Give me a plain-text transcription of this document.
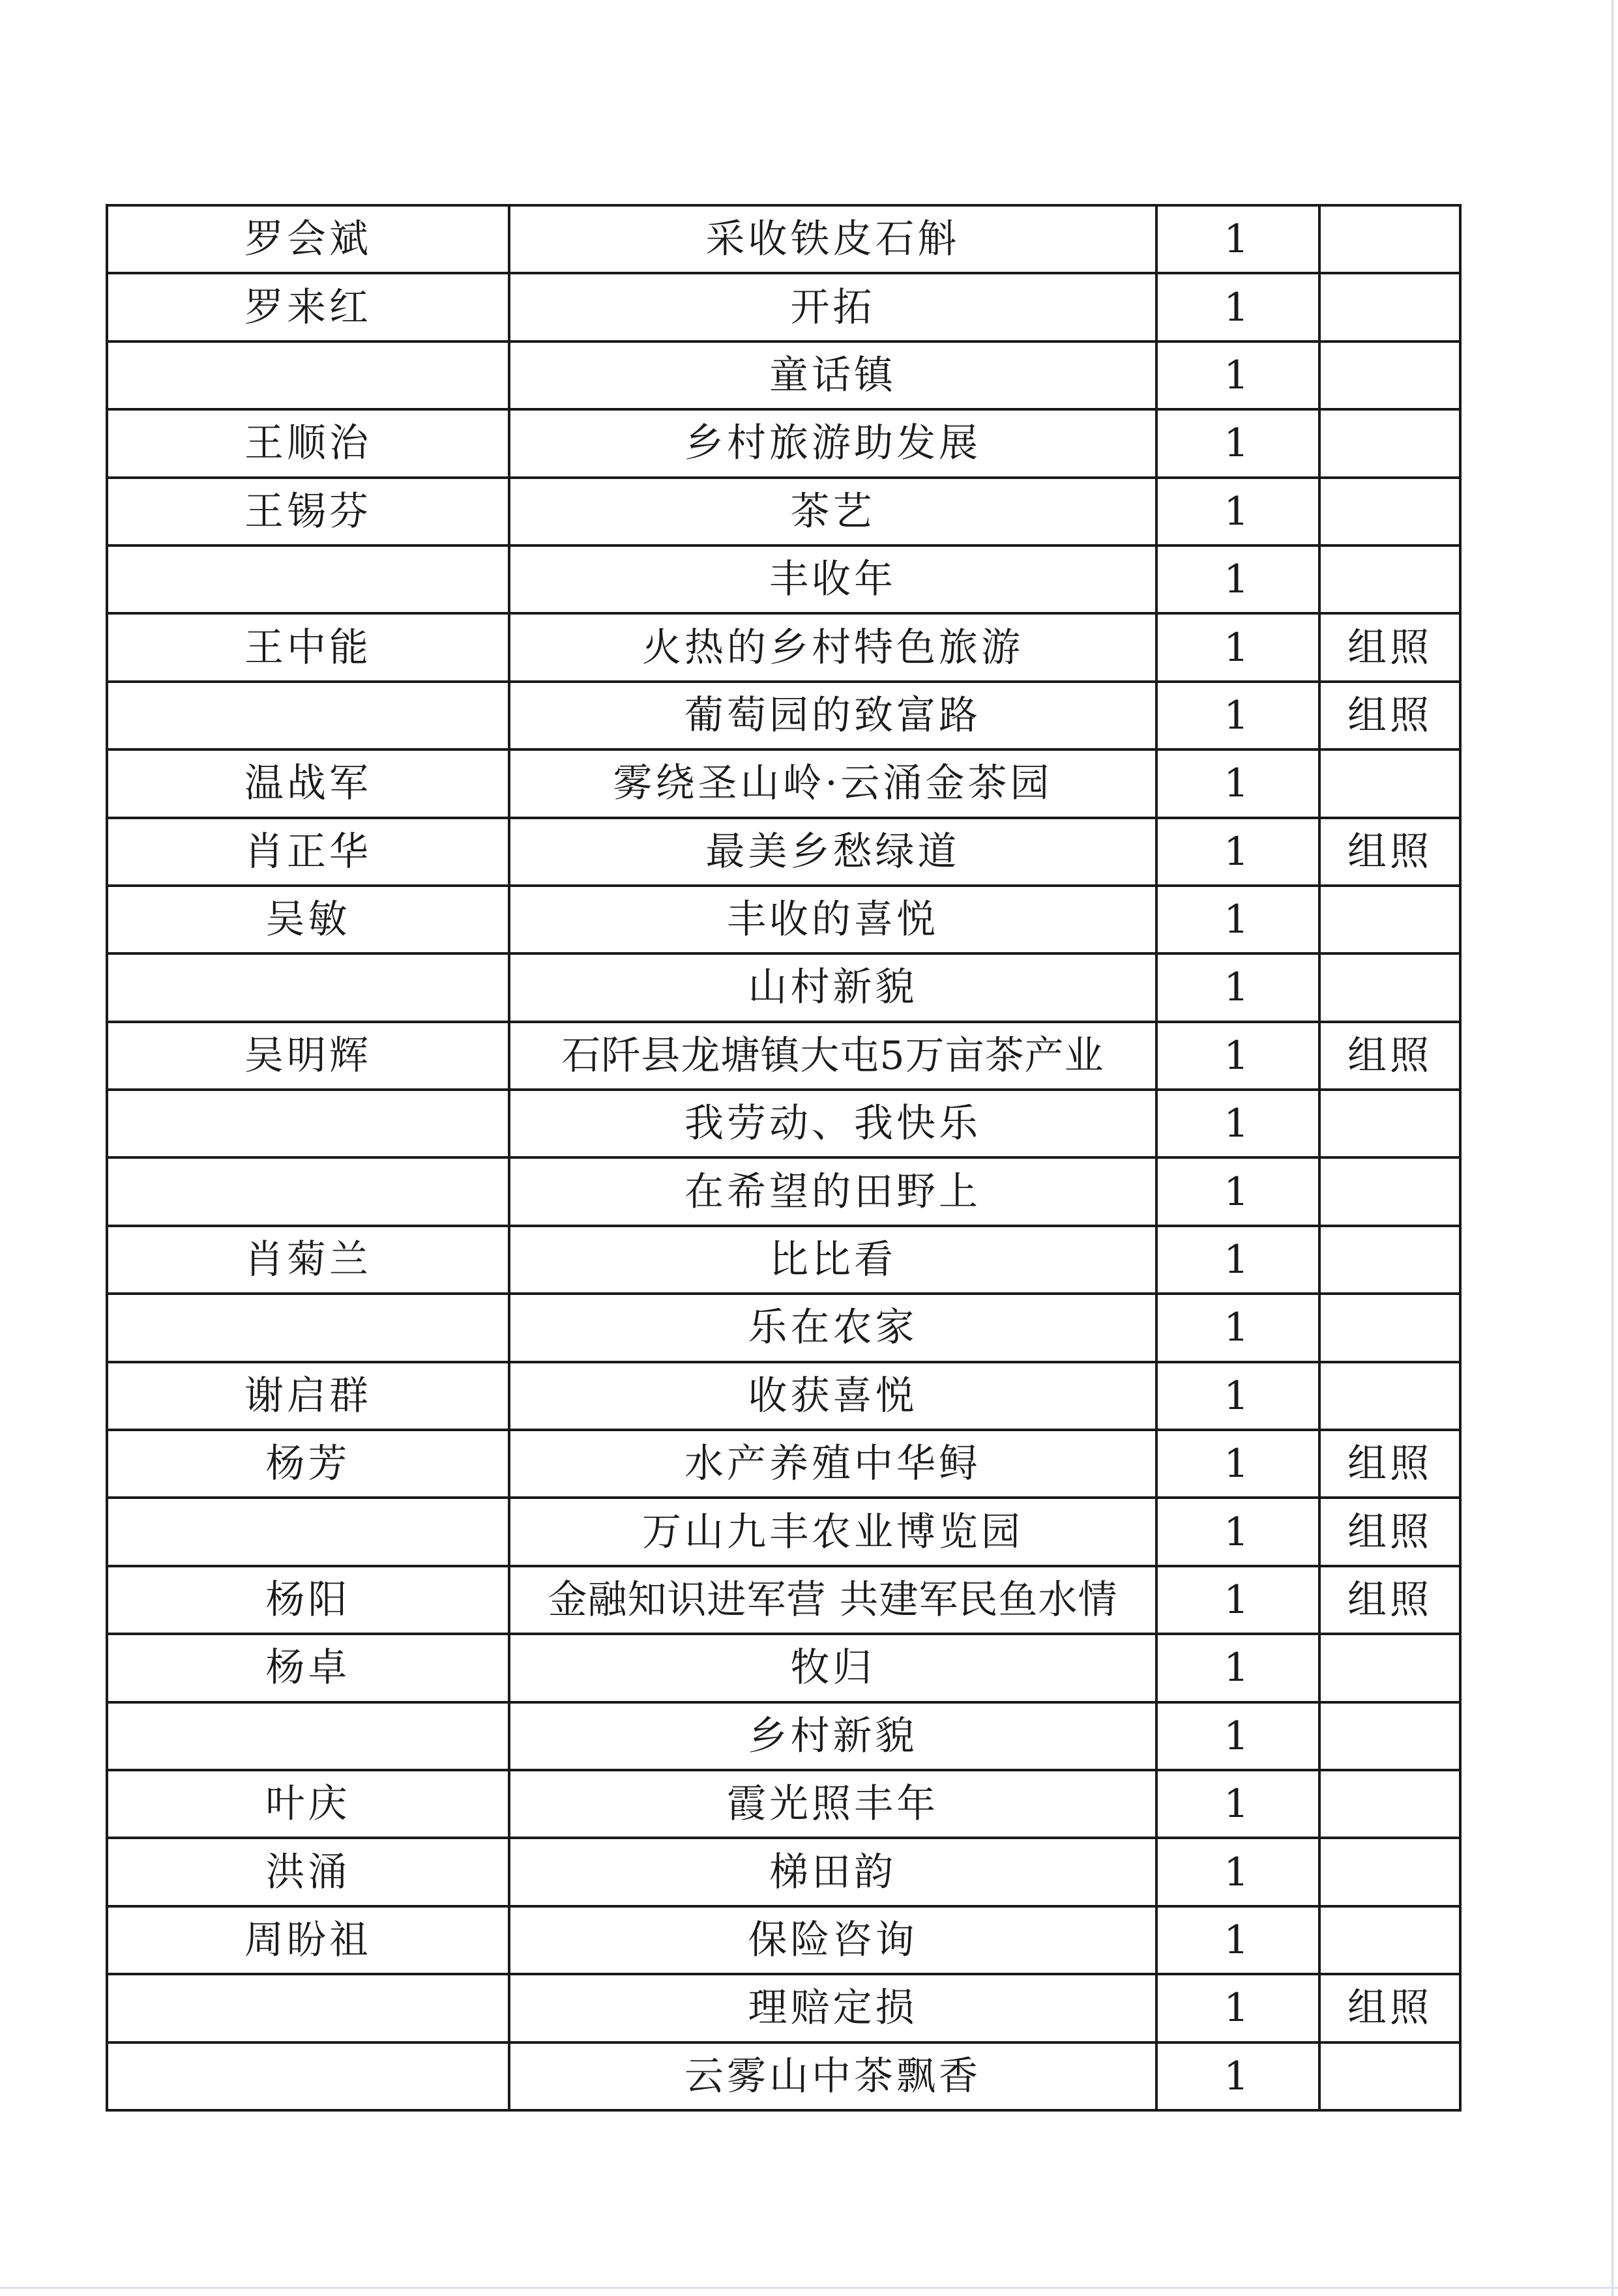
罗会斌	采收铁皮石斛	1	
罗来红	开拓	1	
	童话镇	1	
王顺治	乡村旅游助发展	1	
王锡芬	茶艺	1	
	丰收年	1	
王中能	火热的乡村特色旅游	1	组照
	葡萄园的致富路	1	组照
温战军	雾绕圣山岭·云涌金茶园	1	
肖正华	最美乡愁绿道	1	组照
吴敏	丰收的喜悦	1	
	山村新貌	1	
吴明辉	石阡县龙塘镇大屯5万亩茶产业	1	组照
	我劳动、我快乐	1	
	在希望的田野上	1	
肖菊兰	比比看	1	
	乐在农家	1	
谢启群	收获喜悦	1	
杨芳	水产养殖中华鲟	1	组照
	万山九丰农业博览园	1	组照
杨阳	金融知识进军营 共建军民鱼水情	1	组照
杨卓	牧归	1	
	乡村新貌	1	
叶庆	霞光照丰年	1	
洪涌	梯田韵	1	
周盼祖	保险咨询	1	
	理赔定损	1	组照
	云雾山中茶飘香	1	
